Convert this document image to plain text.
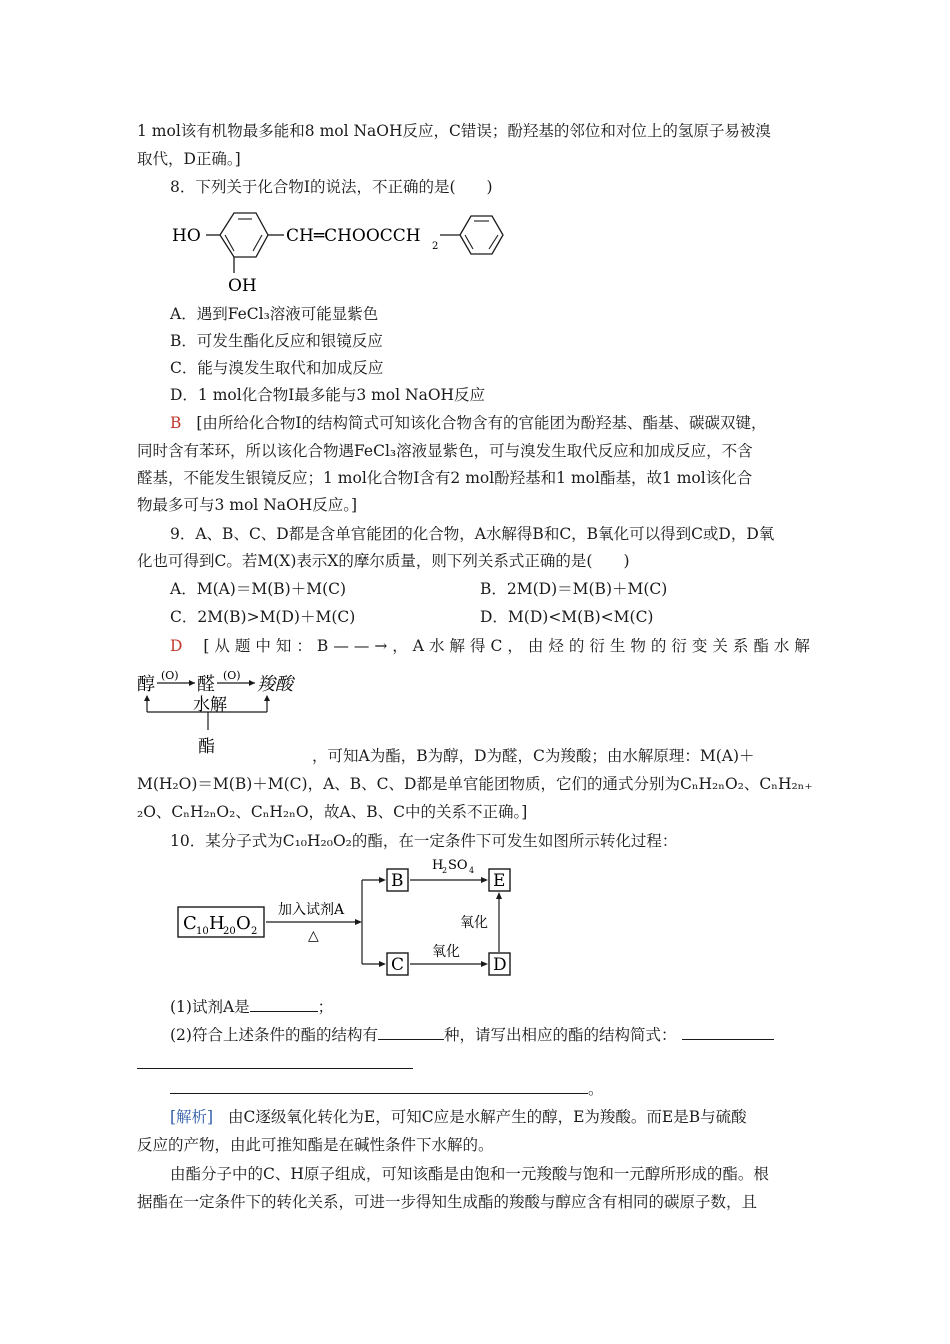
1 mol该有机物最多能和8 mol NaOH反应，C错误；酚羟基的邻位和对位上的氢原子易被溴
取代，D正确。]
8．下列关于化合物Ⅰ的说法，不正确的是(　　)
HO	CH═CHOOCCH
2
OH
A．遇到FeCl₃溶液可能显紫色
B．可发生酯化反应和银镜反应
C．能与溴发生取代和加成反应
D．1 mol化合物Ⅰ最多能与3 mol NaOH反应
B [由所给化合物Ⅰ的结构简式可知该化合物含有的官能团为酚羟基、酯基、碳碳双键，
同时含有苯环，所以该化合物遇FeCl₃溶液显紫色，可与溴发生取代反应和加成反应，不含
醛基，不能发生银镜反应；1 mol化合物Ⅰ含有2 mol酚羟基和1 mol酯基，故1 mol该化合
物最多可与3 mol NaOH反应。]
9．A、B、C、D都是含单官能团的化合物，A水解得B和C，B氧化可以得到C或D，D氧
化也可得到C。若M(X)表示X的摩尔质量，则下列关系式正确的是(　　)
A．M(A)＝M(B)＋M(C)	B．2M(D)＝M(B)＋M(C)
C．2M(B)>M(D)＋M(C)	D．M(D)<M(B)<M(C)
D [从题中知：B——→，A水解得C，由烃的衍生物的衍变关系酯水解
醇 (O) 醛 (O) 羧酸
水解
酯	，可知A为酯，B为醇，D为醛，C为羧酸；由水解原理：M(A)＋
M(H₂O)＝M(B)＋M(C)，A、B、C、D都是单官能团物质，它们的通式分别为CₙH₂ₙO₂、CₙH₂ₙ₊
₂O、CₙH₂ₙO₂、CₙH₂ₙO，故A、B、C中的关系不正确。]
10．某分子式为C₁₀H₂₀O₂的酯，在一定条件下可发生如图所示转化过程：
C 10 H
20 O 2
加入试剂A
△
B
C
H
2 SO 4
氧化
E
D
氧化
(1)试剂A是	；
(2)符合上述条件的酯的结构有	种，请写出相应的酯的结构简式：
。
[解析] 由C逐级氧化转化为E，可知C应是水解产生的醇，E为羧酸。而E是B与硫酸
反应的产物，由此可推知酯是在碱性条件下水解的。
由酯分子中的C、H原子组成，可知该酯是由饱和一元羧酸与饱和一元醇所形成的酯。根
据酯在一定条件下的转化关系，可进一步得知生成酯的羧酸与醇应含有相同的碳原子数，且
